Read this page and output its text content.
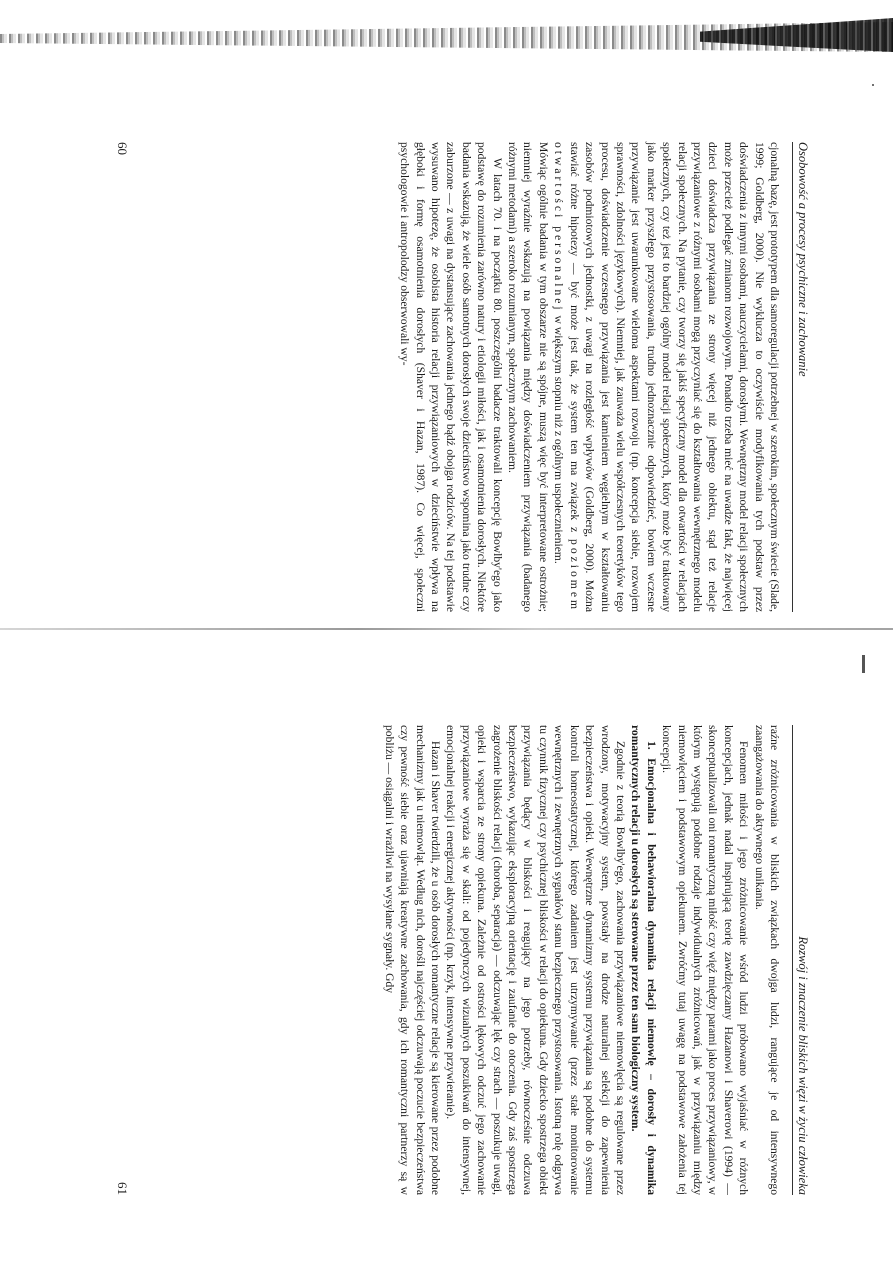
Osobowość a procesy psychiczne i zachowanie

cjonalną bazę, jest prototypem dla samoregulacji potrzebnej w szerokim, społecznym świecie (Slade, 1999; Goldberg, 2000). Nie wyklucza to oczywiście modyfikowania tych podstaw przez doświadczenia z innymi osobami, nauczycielami, dorosłymi. Wewnętrzny model relacji społecznych może przecież podlegać zmianom rozwojowym. Ponadto trzeba mieć na uwadze fakt, że najwięcej dzieci doświadcza przywiązania ze strony więcej niż jednego obiektu, stąd też relacje przywiązaniowe z różnymi osobami mogą przyczyniać się do kształtowania wewnętrznego modelu relacji społecznych. Na pytanie, czy tworzy się jakiś specyficzny model dla otwartości w relacjach społecznych, czy też jest to bardziej ogólny model relacji społecznych, który może być traktowany jako marker przyszłego przystosowania, trudno jednoznacznie odpowiedzieć, bowiem wczesne przywiązanie jest uwarunkowane wieloma aspektami rozwoju (np. koncepcja siebie, rozwojem sprawności, zdolności językowych). Niemniej, jak zauważa wielu współczesnych teoretyków tego procesu, doświadczenie wczesnego przywiązania jest kamieniem węgielnym w kształtowaniu zasobów podmiotowych jednostki, z uwagi na rozległość wpływów (Goldberg, 2000). Można stawiać różne hipotezy — być może jest tak, że system ten ma związek z poziomem otwartości personalnej w większym stopniu niż z ogólnym uspołecznieniem.

Mówiąc ogólnie badania w tym obszarze nie są spójne, muszą więc być interpretowane ostrożnie; niemniej wyraźnie wskazują na powiązania między doświadczeniem przywiązania (badanego różnymi metodami) a szeroko rozumianym, społecznym zachowaniem.

W latach 70. i na początku 80. poszczególni badacze traktowali koncepcję Bowlby'ego jako podstawę do rozumienia zarówno natury i etiologii miłości, jak i osamotnienia dorosłych. Niektóre badania wskazują, że wiele osób samotnych dorosłych swoje dzieciństwo wspomina jako trudne czy zaburzone — z uwagi na dystansujące zachowania jednego bądź obojga rodziców. Na tej podstawie wysuwano hipotezę, że osobista historia relacji przywiązaniowych w dzieciństwie wpływa na głęboki i formę osamotnienia dorosłych (Shaver i Hazan, 1987). Co więcej, społeczni psychologowie i antropolodzy obserwowali wy-

60
Rozwój i znaczenie bliskich więzi w życiu człowieka

raźne zróżnicowania w bliskich związkach dwojga ludzi, rangujące je od intensywnego zaangażowania do aktywnego unikania.

Fenomen miłości i jego zróżnicowanie wśród ludzi próbowano wyjaśniać w różnych koncepcjach, jednak nadal inspirującą teorię zawdzięczamy Hazanowi i Shaverowi (1994) — skonceptualizowali oni romantyczną miłość czy więź między parami jako proces przywiązaniowy, w którym występują podobne rodzaje indywidualnych zróżnicowań, jak w przywiązaniu między niemowlęciem i podstawowym opiekunem. Zwróćmy tutaj uwagę na podstawowe założenia tej koncepcji.

1. Emocjonalna i behawioralna dynamika relacji niemowlę – dorosły i dynamika romantycznych relacji u dorosłych są sterowane przez ten sam biologiczny system.

Zgodnie z teorią Bowlby'ego, zachowania przywiązaniowe niemowlęcia są regulowane przez wrodzony, motywacyjny system, powstały na drodze naturalnej selekcji do zapewnienia bezpieczeństwa i opieki. Wewnętrzne dynamizmy systemu przywiązania są podobne do systemu kontroli homeostatycznej, którego zadaniem jest utrzymywanie (przez stałe monitorowanie wewnętrznych i zewnętrznych sygnałów) stanu bezpiecznego przystosowania. Istotną rolę odgrywa tu czynnik fizycznej czy psychicznej bliskości w relacji do opiekuna. Gdy dziecko spostrzega obiekt przywiązania będący w bliskości i reagujący na jego potrzeby, równocześnie odczuwa bezpieczeństwo, wykazując eksploracyjną orientację i zaufanie do otoczenia. Gdy zaś spostrzega zagrożenie bliskości relacji (choroba, separacja) — odczuwając lęk czy strach — poszukuje uwagi, opieki i wsparcia ze strony opiekuna. Zależnie od ostrości lękowych odczuć jego zachowanie przywiązaniowe wyraża się w skali: od pojedynczych wizualnych poszukiwań do intensywnej, emocjonalnej reakcji i energicznej aktywności (np. krzyk, intensywne przywieranie).

Hazan i Shaver twierdzili, że u osób dorosłych romantyczne relacje są kierowane przez podobne mechanizmy jak u niemowląt. Według nich, dorośli najczęściej odczuwają poczucie bezpieczeństwa czy pewność siebie oraz ujawniają kreatywne zachowania, gdy ich romantyczni partnerzy są w pobliżu — osiągalni i wrażliwi na wysyłane sygnały. Gdy

61
